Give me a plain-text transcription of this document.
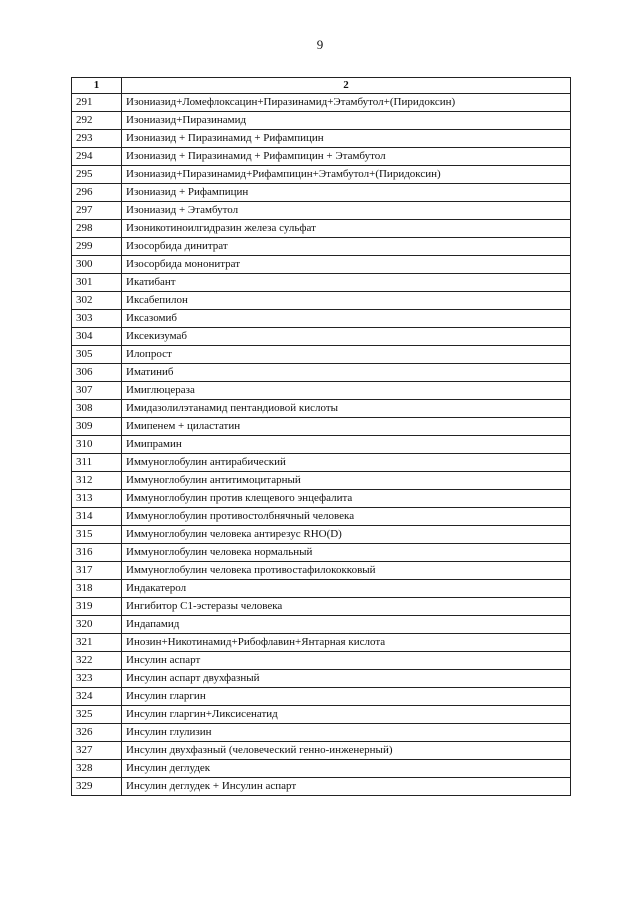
9
1	2
291	Изониазид+Ломефлоксацин+Пиразинамид+Этамбутол+(Пиридоксин)
292	Изониазид+Пиразинамид
293	Изониазид + Пиразинамид + Рифампицин
294	Изониазид + Пиразинамид + Рифампицин + Этамбутол
295	Изониазид+Пиразинамид+Рифампицин+Этамбутол+(Пиридоксин)
296	Изониазид + Рифампицин
297	Изониазид + Этамбутол
298	Изоникотиноилгидразин железа сульфат
299	Изосорбида динитрат
300	Изосорбида мононитрат
301	Икатибант
302	Иксабепилон
303	Иксазомиб
304	Иксекизумаб
305	Илопрост
306	Иматиниб
307	Имиглюцераза
308	Имидазолилэтанамид пентандиовой кислоты
309	Имипенем + циластатин
310	Имипрамин
311	Иммуноглобулин антирабический
312	Иммуноглобулин антитимоцитарный
313	Иммуноглобулин против клещевого энцефалита
314	Иммуноглобулин противостолбнячный человека
315	Иммуноглобулин человека антирезус RHO(D)
316	Иммуноглобулин человека нормальный
317	Иммуноглобулин человека противостафилококковый
318	Индакатерол
319	Ингибитор С1-эстеразы человека
320	Индапамид
321	Инозин+Никотинамид+Рибофлавин+Янтарная кислота
322	Инсулин аспарт
323	Инсулин аспарт двухфазный
324	Инсулин гларгин
325	Инсулин гларгин+Ликсисенатид
326	Инсулин глулизин
327	Инсулин двухфазный (человеческий генно-инженерный)
328	Инсулин деглудек
329	Инсулин деглудек + Инсулин аспарт
